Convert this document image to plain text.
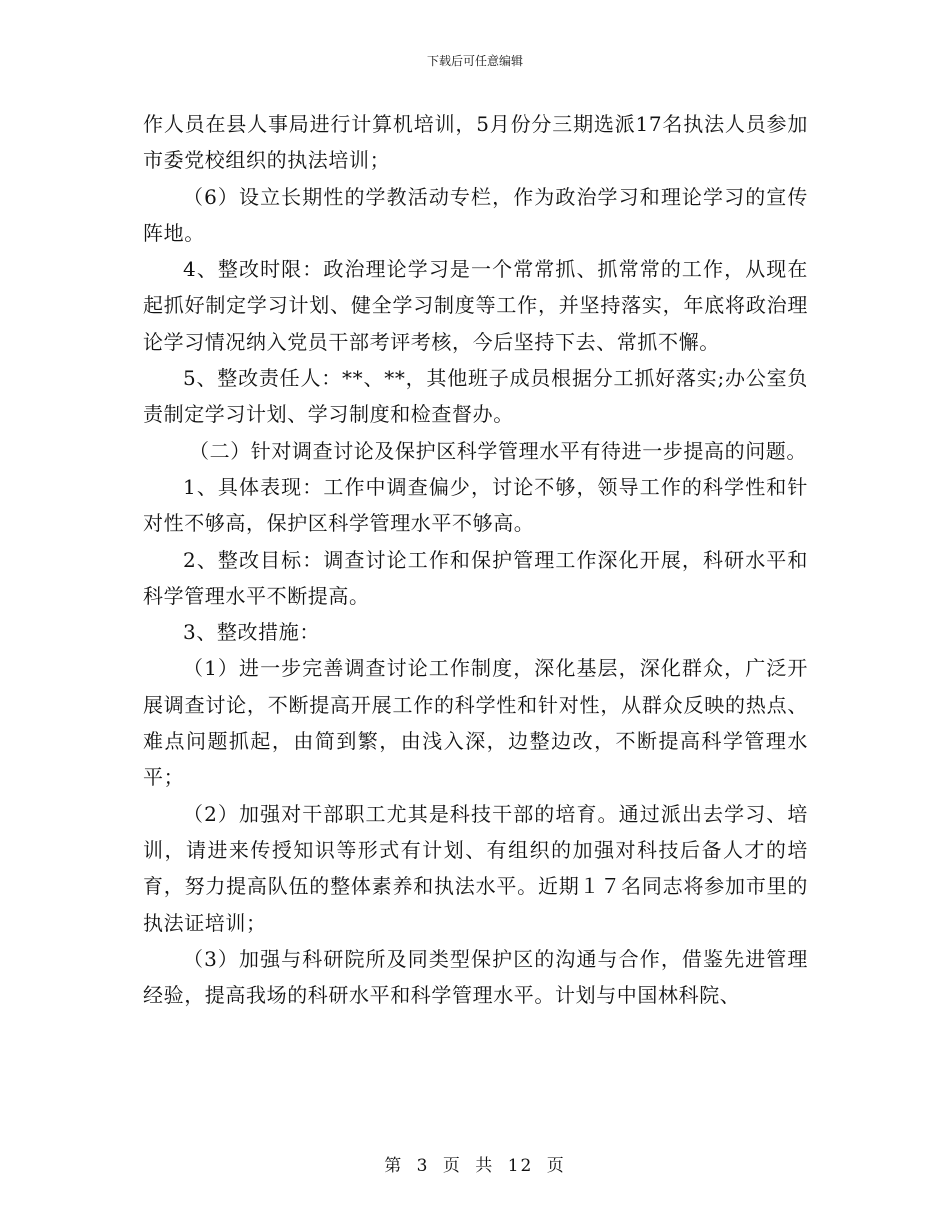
下载后可任意编辑

作人员在县人事局进行计算机培训，5月份分三期选派17名执法人员参加市委党校组织的执法培训；

（6）设立长期性的学教活动专栏，作为政治学习和理论学习的宣传阵地。

4、整改时限：政治理论学习是一个常常抓、抓常常的工作，从现在起抓好制定学习计划、健全学习制度等工作，并坚持落实，年底将政治理论学习情况纳入党员干部考评考核，今后坚持下去、常抓不懈。

5、整改责任人：**、**，其他班子成员根据分工抓好落实;办公室负责制定学习计划、学习制度和检查督办。

（二）针对调查讨论及保护区科学管理水平有待进一步提高的问题。

1、具体表现：工作中调查偏少，讨论不够，领导工作的科学性和针对性不够高，保护区科学管理水平不够高。

2、整改目标：调查讨论工作和保护管理工作深化开展，科研水平和科学管理水平不断提高。

3、整改措施：

（1）进一步完善调查讨论工作制度，深化基层，深化群众，广泛开展调查讨论，不断提高开展工作的科学性和针对性，从群众反映的热点、难点问题抓起，由简到繁，由浅入深，边整边改，不断提高科学管理水平；

（2）加强对干部职工尤其是科技干部的培育。通过派出去学习、培训，请进来传授知识等形式有计划、有组织的加强对科技后备人才的培育，努力提高队伍的整体素养和执法水平。近期１７名同志将参加市里的执法证培训；

（3）加强与科研院所及同类型保护区的沟通与合作，借鉴先进管理经验，提高我场的科研水平和科学管理水平。计划与中国林科院、

第 3 页 共 12 页
